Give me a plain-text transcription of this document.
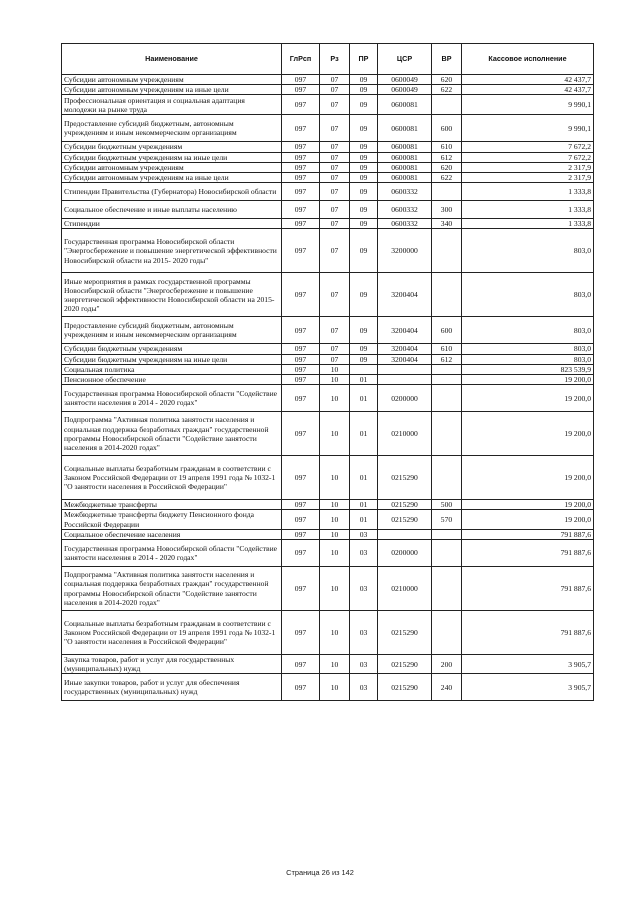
Наименование	ГлРсп	Рз	ПР	ЦСР	ВР	Кассовое исполнение
Субсидии автономным учреждениям	097	07	09	0600049	620	42 437,7
Субсидии автономным учреждениям на иные цели	097	07	09	0600049	622	42 437,7
Профессиональная ориентация и социальная адаптация молодежи на рынке труда	097	07	09	0600081		9 990,1
Предоставление субсидий бюджетным, автономным учреждениям и иным некоммерческим организациям	097	07	09	0600081	600	9 990,1
Субсидии бюджетным учреждениям	097	07	09	0600081	610	7 672,2
Субсидии бюджетным учреждениям на иные цели	097	07	09	0600081	612	7 672,2
Субсидии автономным учреждениям	097	07	09	0600081	620	2 317,9
Субсидии автономным учреждениям на иные цели	097	07	09	0600081	622	2 317,9
Стипендии Правительства (Губернатора) Новосибирской области	097	07	09	0600332		1 333,8
Социальное обеспечение и иные выплаты населению	097	07	09	0600332	300	1 333,8
Стипендии	097	07	09	0600332	340	1 333,8
Государственная программа Новосибирской области "Энергосбережение и повышение энергетической эффективности Новосибирской области на 2015- 2020 годы"	097	07	09	3200000		803,0
Иные мероприятия в рамках государственной программы Новосибирской области "Энергосбережение и повышение энергетической эффективности Новосибирской области на 2015- 2020 годы"	097	07	09	3200404		803,0
Предоставление субсидий бюджетным, автономным учреждениям и иным некоммерческим организациям	097	07	09	3200404	600	803,0
Субсидии бюджетным учреждениям	097	07	09	3200404	610	803,0
Субсидии бюджетным учреждениям на иные цели	097	07	09	3200404	612	803,0
Социальная политика	097	10				823 539,9
Пенсионное обеспечение	097	10	01			19 200,0
Государственная программа Новосибирской области "Содействие занятости населения в 2014 - 2020 годах"	097	10	01	0200000		19 200,0
Подпрограмма "Активная политика занятости населения и социальная поддержка безработных граждан" государственной программы Новосибирской области "Содействие занятости населения в 2014-2020 годах"	097	10	01	0210000		19 200,0
Социальные выплаты безработным гражданам в соответствии с Законом Российской Федерации от 19 апреля 1991 года № 1032-1 "О занятости населения в Российской Федерации"	097	10	01	0215290		19 200,0
Межбюджетные трансферты	097	10	01	0215290	500	19 200,0
Межбюджетные трансферты бюджету Пенсионного фонда Российской Федерации	097	10	01	0215290	570	19 200,0
Социальное обеспечение населения	097	10	03			791 887,6
Государственная программа Новосибирской области "Содействие занятости населения в 2014 - 2020 годах"	097	10	03	0200000		791 887,6
Подпрограмма "Активная политика занятости населения и социальная поддержка безработных граждан" государственной программы Новосибирской области "Содействие занятости населения в 2014-2020 годах"	097	10	03	0210000		791 887,6
Социальные выплаты безработным гражданам в соответствии с Законом Российской Федерации от 19 апреля 1991 года № 1032-1 "О занятости населения в Российской Федерации"	097	10	03	0215290		791 887,6
Закупка товаров, работ и услуг для государственных (муниципальных) нужд	097	10	03	0215290	200	3 905,7
Иные закупки товаров, работ и услуг для обеспечения государственных (муниципальных) нужд	097	10	03	0215290	240	3 905,7
Страница 26 из 142
